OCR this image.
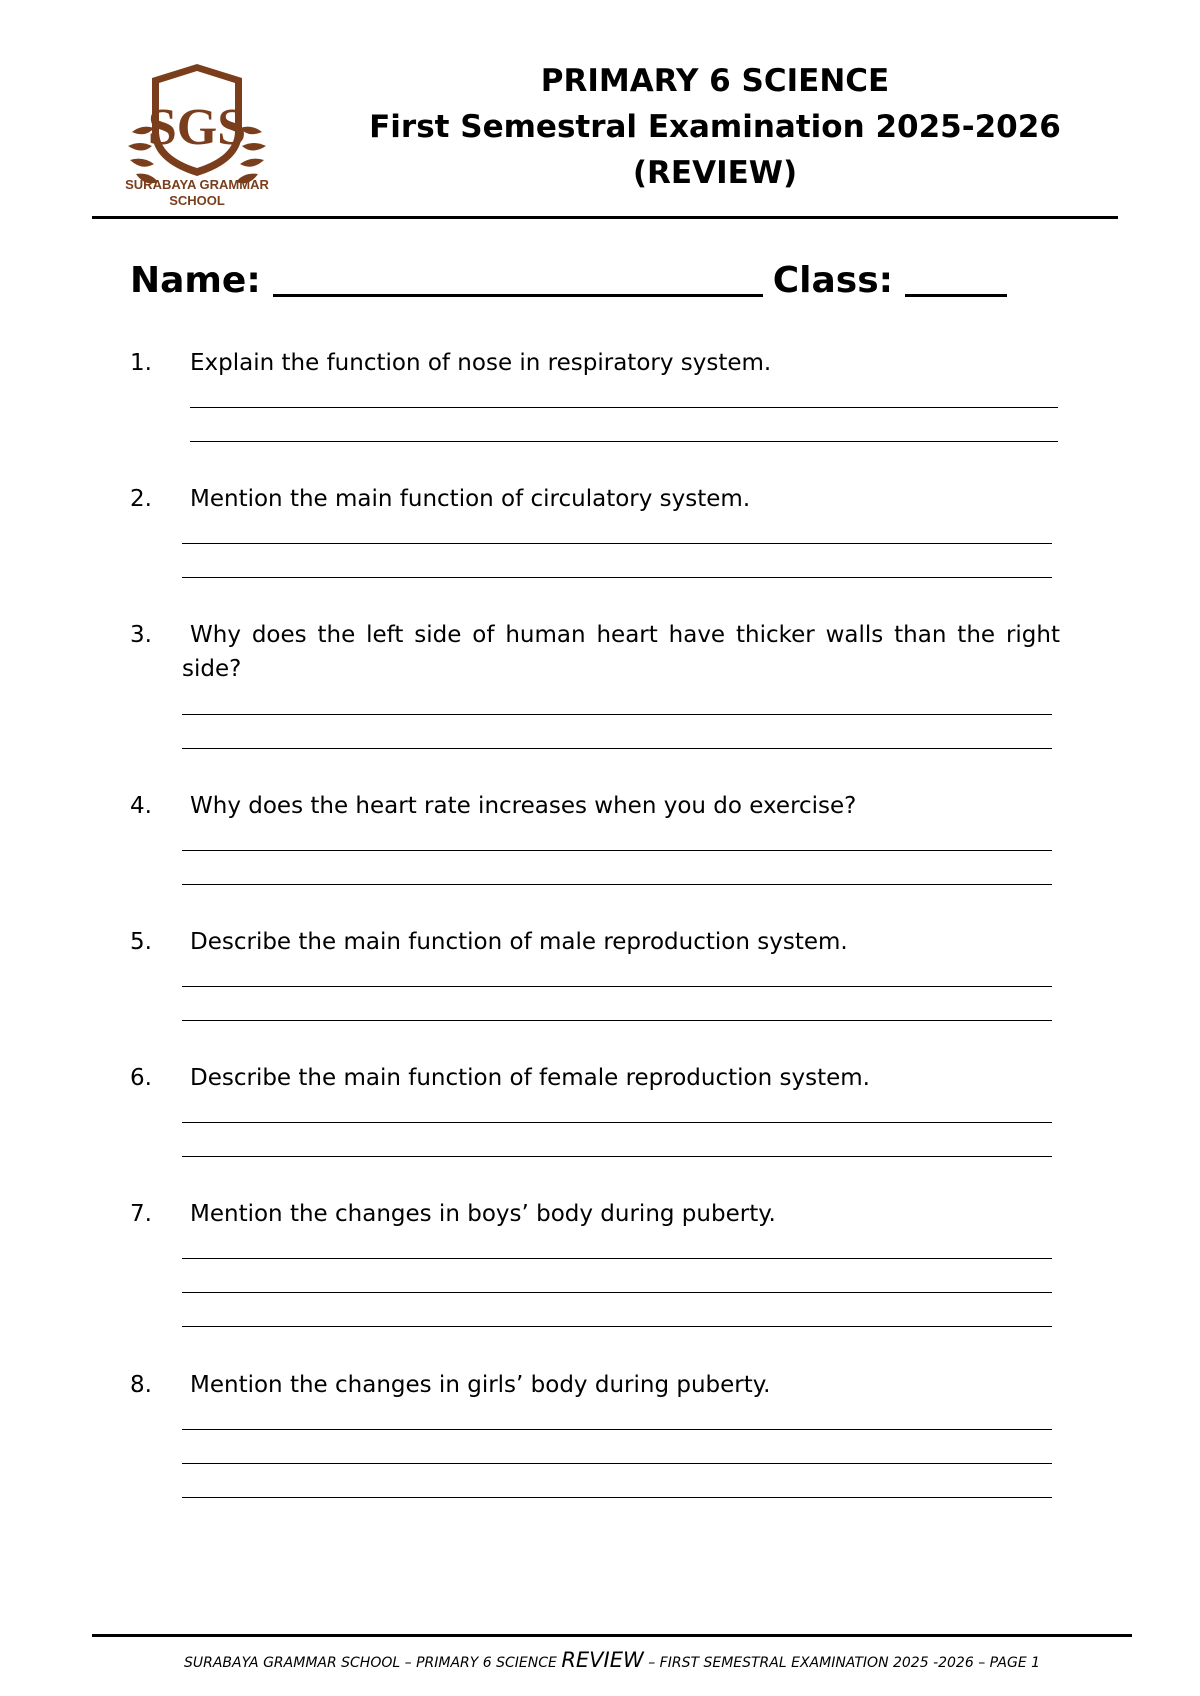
SGS
SURABAYA GRAMMAR
SCHOOL
PRIMARY 6 SCIENCE
First Semestral Examination 2025-2026
(REVIEW)
Name:	Class:
1.	Explain the function of nose in respiratory system.
2.	Mention the main function of circulatory system.
3.	Why does the left side of human heart have thicker walls than the right side?
4.	Why does the heart rate increases when you do exercise?
5.	Describe the main function of male reproduction system.
6.	Describe the main function of female reproduction system.
7.	Mention the changes in boys’ body during puberty.
8.	Mention the changes in girls’ body during puberty.
SURABAYA GRAMMAR SCHOOL – PRIMARY 6 SCIENCE REVIEW – FIRST SEMESTRAL EXAMINATION 2025 -2026 – PAGE 1
